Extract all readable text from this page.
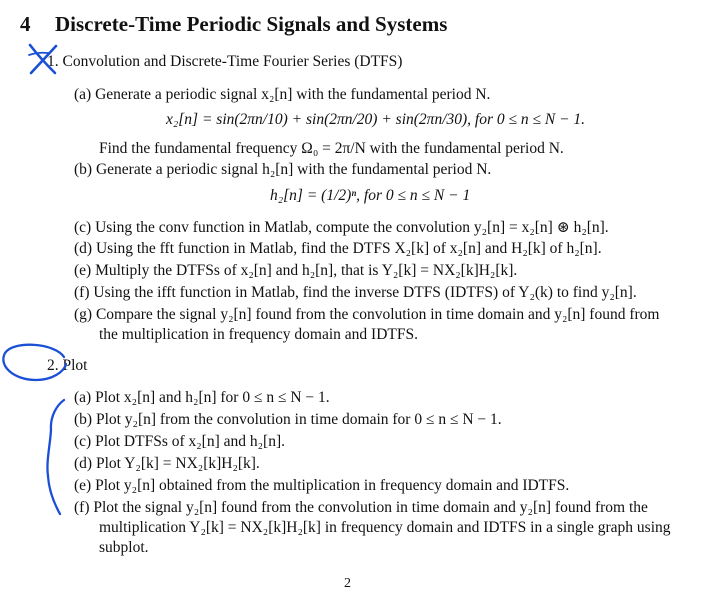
4 Discrete-Time Periodic Signals and Systems
1. Convolution and Discrete-Time Fourier Series (DTFS)
(a) Generate a periodic signal x₂[n] with the fundamental period N.
x₂[n] = sin(2πn/10) + sin(2πn/20) + sin(2πn/30), for 0 ≤ n ≤ N − 1.
Find the fundamental frequency Ω₀ = 2π/N with the fundamental period N.
(b) Generate a periodic signal h₂[n] with the fundamental period N.
h₂[n] = (1/2)ⁿ, for 0 ≤ n ≤ N − 1
(c) Using the conv function in Matlab, compute the convolution y₂[n] = x₂[n] ⊛ h₂[n].
(d) Using the fft function in Matlab, find the DTFS X₂[k] of x₂[n] and H₂[k] of h₂[n].
(e) Multiply the DTFSs of x₂[n] and h₂[n], that is Y₂[k] = NX₂[k]H₂[k].
(f) Using the ifft function in Matlab, find the inverse DTFS (IDTFS) of Y₂(k) to find y₂[n].
(g) Compare the signal y₂[n] found from the convolution in time domain and y₂[n] found from
the multiplication in frequency domain and IDTFS.
2. Plot
(a) Plot x₂[n] and h₂[n] for 0 ≤ n ≤ N − 1.
(b) Plot y₂[n] from the convolution in time domain for 0 ≤ n ≤ N − 1.
(c) Plot DTFSs of x₂[n] and h₂[n].
(d) Plot Y₂[k] = NX₂[k]H₂[k].
(e) Plot y₂[n] obtained from the multiplication in frequency domain and IDTFS.
(f) Plot the signal y₂[n] found from the convolution in time domain and y₂[n] found from the
multiplication Y₂[k] = NX₂[k]H₂[k] in frequency domain and IDTFS in a single graph using
subplot.
2
